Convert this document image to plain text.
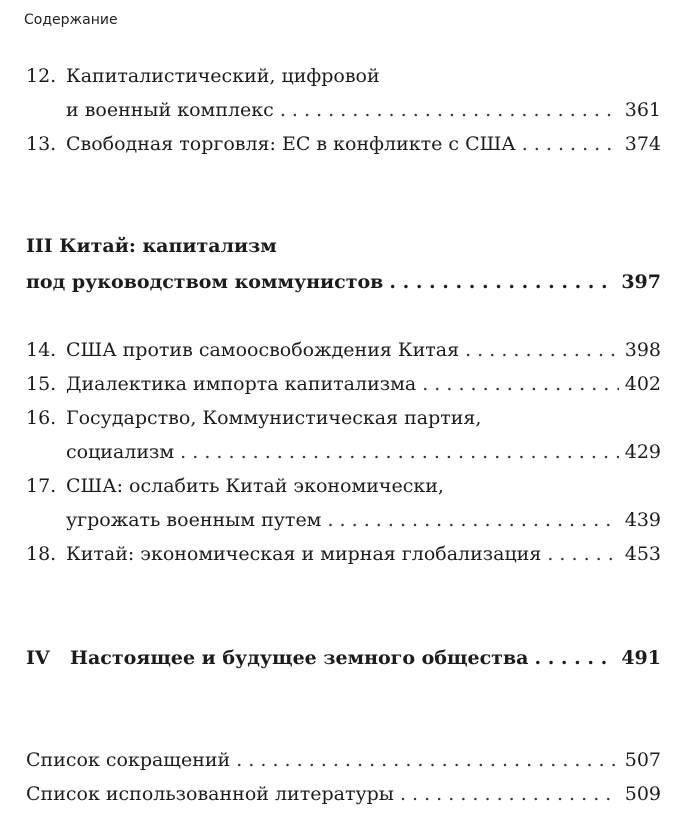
Содержание
12. Капиталистический, цифровой
и военный комплекс . . .	361
13. Свободная торговля: ЕС в конфликте с США . . .	374
III Китай: капитализм
под руководством коммунистов . . .	397
14. США против самоосвобождения Китая . . .	398
15. Диалектика импорта капитализма . . .	402
16. Государство, Коммунистическая партия,
социализм . . .	429
17. США: ослабить Китай экономически,
угрожать военным путем . . .	439
18. Китай: экономическая и мирная глобализация . . .	453
IV	Настоящее и будущее земного общества . . .	491
Список сокращений . . .	507
Список использованной литературы . . .	509
